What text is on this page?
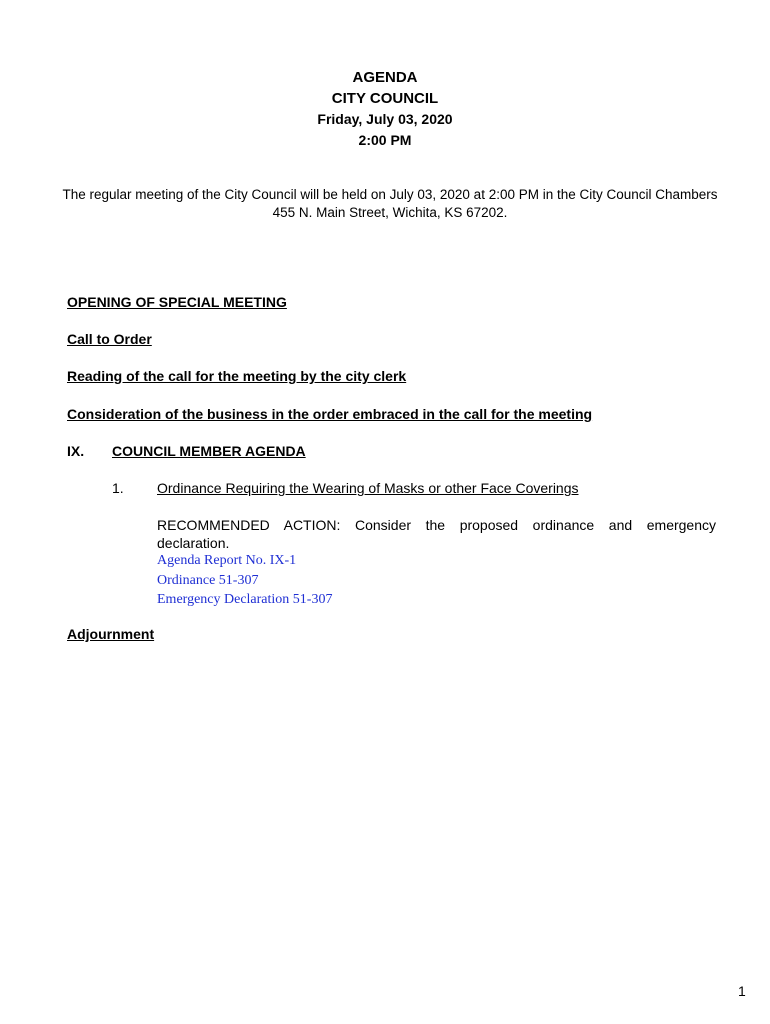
AGENDA
CITY COUNCIL
Friday, July 03, 2020
2:00 PM
The regular meeting of the City Council will be held on July 03, 2020 at 2:00 PM in the City Council Chambers
455 N. Main Street, Wichita, KS 67202.
OPENING OF SPECIAL MEETING
Call to Order
Reading of the call for the meeting by the city clerk
Consideration of the business in the order embraced in the call for the meeting
IX. COUNCIL MEMBER AGENDA
1. Ordinance Requiring the Wearing of Masks or other Face Coverings
RECOMMENDED ACTION: Consider the proposed ordinance and emergency declaration.
Agenda Report No. IX-1
Ordinance 51-307
Emergency Declaration 51-307
Adjournment
1
